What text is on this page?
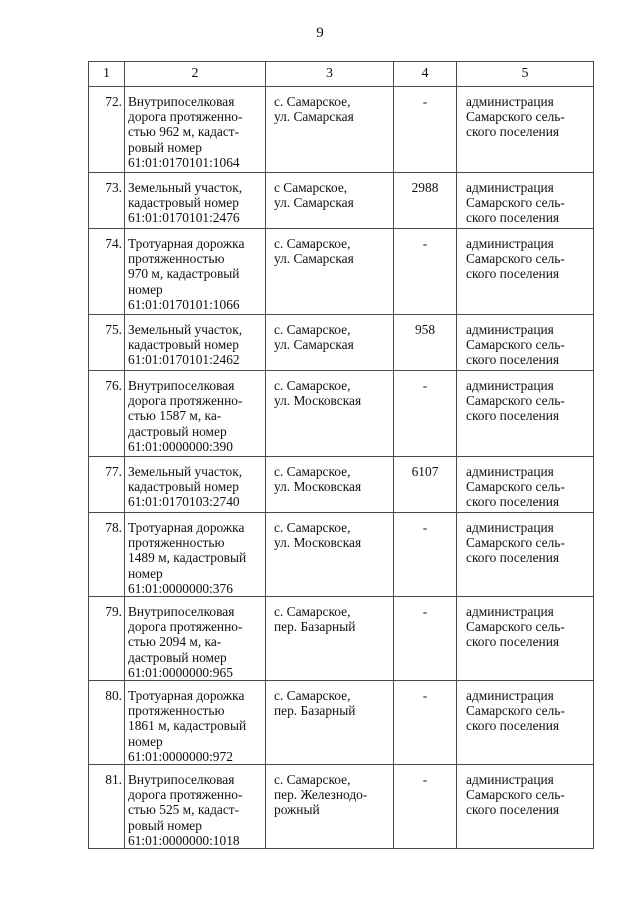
9
1	2	3	4	5

72.	Внутрипоселковая
дорога протяженно-
стью 962 м, кадаст-
ровый номер
61:01:0170101:1064	с. Самарское,
ул. Самарская	-	администрация
Самарского сель-
ского поселения

73.	Земельный участок,
кадастровый номер
61:01:0170101:2476	с Самарское,
ул. Самарская	2988	администрация
Самарского сель-
ского поселения

74.	Тротуарная дорожка
протяженностью
970 м, кадастровый
номер
61:01:0170101:1066	с. Самарское,
ул. Самарская	-	администрация
Самарского сель-
ского поселения

75.	Земельный участок,
кадастровый номер
61:01:0170101:2462	с. Самарское,
ул. Самарская	958	администрация
Самарского сель-
ского поселения

76.	Внутрипоселковая
дорога протяженно-
стью 1587 м, ка-
дастровый номер
61:01:0000000:390	с. Самарское,
ул. Московская	-	администрация
Самарского сель-
ского поселения

77.	Земельный участок,
кадастровый номер
61:01:0170103:2740	с. Самарское,
ул. Московская	6107	администрация
Самарского сель-
ского поселения

78.	Тротуарная дорожка
протяженностью
1489 м, кадастровый
номер
61:01:0000000:376	с. Самарское,
ул. Московская	-	администрация
Самарского сель-
ского поселения

79.	Внутрипоселковая
дорога протяженно-
стью 2094 м, ка-
дастровый номер
61:01:0000000:965	с. Самарское,
пер. Базарный	-	администрация
Самарского сель-
ского поселения

80.	Тротуарная дорожка
протяженностью
1861 м, кадастровый
номер
61:01:0000000:972	с. Самарское,
пер. Базарный	-	администрация
Самарского сель-
ского поселения

81.	Внутрипоселковая
дорога протяженно-
стью 525 м, кадаст-
ровый номер
61:01:0000000:1018	с. Самарское,
пер. Железнодо-
рожный	-	администрация
Самарского сель-
ского поселения
